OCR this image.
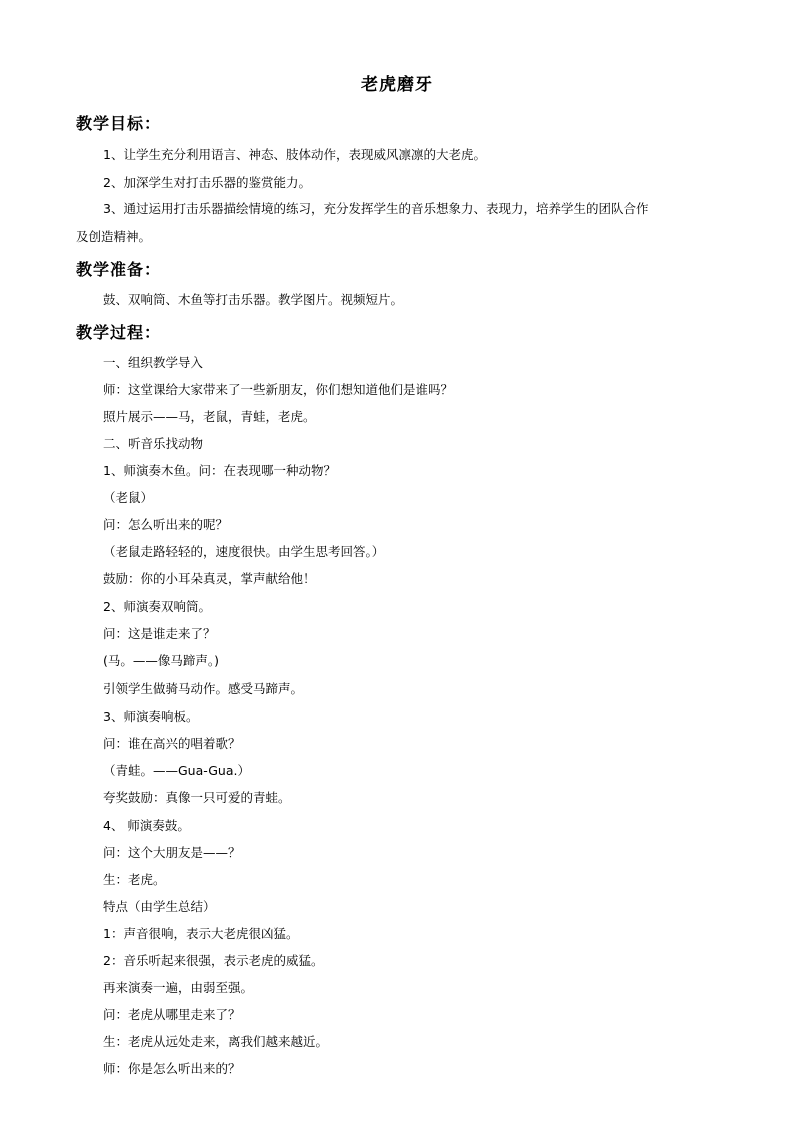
老虎磨牙
教学目标：
1、让学生充分利用语言、神态、肢体动作，表现威风凛凛的大老虎。
2、加深学生对打击乐器的鉴赏能力。
3、通过运用打击乐器描绘情境的练习，充分发挥学生的音乐想象力、表现力，培养学生的团队合作
及创造精神。
教学准备：
鼓、双响筒、木鱼等打击乐器。教学图片。视频短片。
教学过程：
一、组织教学导入
师：这堂课给大家带来了一些新朋友，你们想知道他们是谁吗？
照片展示——马，老鼠，青蛙，老虎。
二、听音乐找动物
1、师演奏木鱼。问：在表现哪一种动物？
（老鼠）
问：怎么听出来的呢？
（老鼠走路轻轻的，速度很快。由学生思考回答。）
鼓励：你的小耳朵真灵，掌声献给他！
2、师演奏双响筒。
问：这是谁走来了？
(马。——像马蹄声。)
引领学生做骑马动作。感受马蹄声。
3、师演奏响板。
问：谁在高兴的唱着歌？
（青蛙。——Gua-Gua.）
夸奖鼓励：真像一只可爱的青蛙。
4、 师演奏鼓。
问：这个大朋友是——？
生：老虎。
特点（由学生总结）
1：声音很响，表示大老虎很凶猛。
2：音乐听起来很强，表示老虎的威猛。
再来演奏一遍，由弱至强。
问：老虎从哪里走来了？
生：老虎从远处走来，离我们越来越近。
师：你是怎么听出来的？
